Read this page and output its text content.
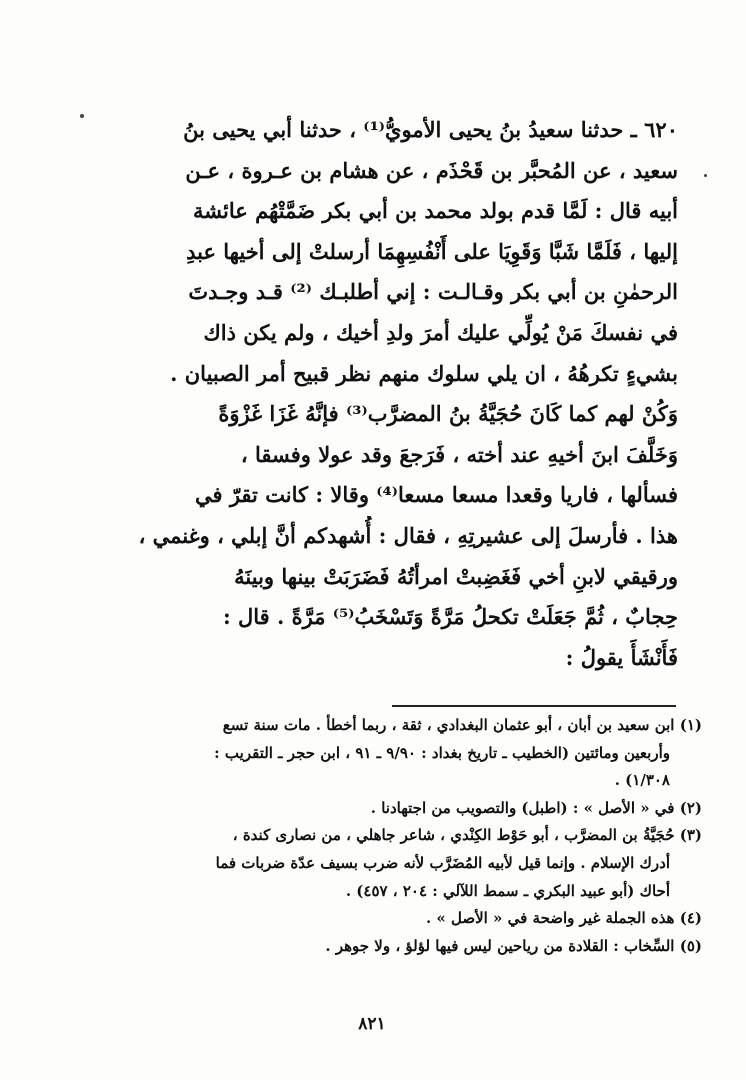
٦٢٠ ـ حدثنا سعيدُ بنُ يحيى الأمويُّ⁽¹⁾ ، حدثنا أبي يحيى بنُ
سعيد ، عن المُحبَّر بن قَحْذَم ، عن هشام بن عـروة ، عـن
أبيه قال : لَمَّا قدم بولد محمد بن أبي بكر ضَمَّتْهُم عائشة
إليها ، فَلَمَّا شَبَّا وَقَوِيَا على أَنْفُسِهِمَا أرسلتْ إلى أخيها عبدِ
الرحمٰنِ بن أبي بكر وقـالـت : إني أطلبـك ⁽²⁾ قـد وجـدتَ
في نفسكَ مَنْ يُولِّي عليك أمرَ ولدِ أخيك ، ولم يكن ذاك
بشيءٍ تكرهُهُ ، ان يلي سلوك منهم نظر قبيح أمر الصبيان .
وَكُنْ لهم كما كَانَ حُجَيَّةُ بنُ المضرَّب⁽³⁾ فإنَّهُ غَزَا غَزْوَةً
وَخَلَّفَ ابنَ أخيهِ عند أخته ، فَرَجعَ وقد عولا وفسقا ،
فسألها ، فاريا وقعدا مسعا مسعا⁽⁴⁾ وقالا : كانت تقرّ في
هذا . فأرسلَ إلى عشيرتِهِ ، فقال : أُشهدكم أنَّ إبلي ، وغنمي ،
ورقيقي لابنِ أخي فَغَضِبتْ امرأتُهُ فَضَرَبَتْ بينها وبينَهُ
حِجابٌ ، ثُمَّ جَعَلَتْ تكحلُ مَرَّةً وَتَسْخَبُ⁽⁵⁾ مَرَّةً . قال :
فَأَنْشَأَ يقولُ :
(١) ابن سعيد بن أبان ، أبو عثمان البغدادي ، ثقة ، ربما أخطأ . مات سنة تسع
وأربعين ومائتين (الخطيب ـ تاريخ بغداد : ٩/٩٠ ـ ٩١ ، ابن حجر ـ التقريب :
١/٣٠٨) .
(٢) في « الأصل » : (اطبل) والتصويب من اجتهادنا .
(٣) حُجَيَّةُ بن المضرَّب ، أبو حَوْط الكِنْدي ، شاعر جاهلي ، من نصارى كندة ،
أدرك الإسلام . وإنما قيل لأبيه المُضَرَّب لأنه ضرب بسيف عدّة ضربات فما
أحاك (أبو عبيد البكري ـ سمط اللآلي : ٢٠٤ ، ٤٥٧) .
(٤) هذه الجملة غير واضحة في « الأصل » .
(٥) السِّخاب : القلادة من رياحين ليس فيها لؤلؤ ، ولا جوهر .
٨٢١
